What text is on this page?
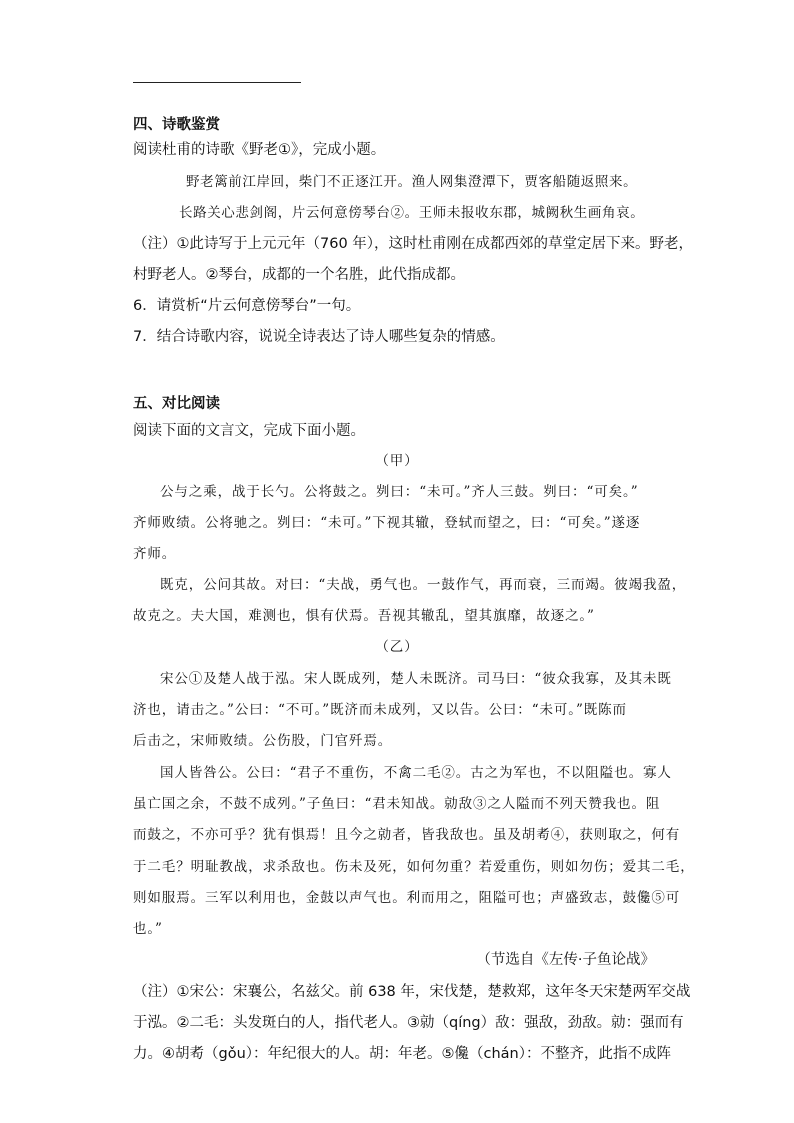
四、诗歌鉴赏
阅读杜甫的诗歌《野老①》，完成小题。
野老篱前江岸回，柴门不正逐江开。渔人网集澄潭下，贾客船随返照来。
长路关心悲剑阁，片云何意傍琴台②。王师未报收东郡，城阙秋生画角哀。
（注）①此诗写于上元元年（760 年），这时杜甫刚在成都西郊的草堂定居下来。野老，
村野老人。②琴台，成都的一个名胜，此代指成都。
6．请赏析“片云何意傍琴台”一句。
7．结合诗歌内容，说说全诗表达了诗人哪些复杂的情感。
五、对比阅读
阅读下面的文言文，完成下面小题。
（甲）
公与之乘，战于长勺。公将鼓之。刿曰：“未可。”齐人三鼓。刿曰：“可矣。”
齐师败绩。公将驰之。刿曰：“未可。”下视其辙，登轼而望之，曰：“可矣。”遂逐
齐师。
既克，公问其故。对曰：“夫战，勇气也。一鼓作气，再而衰，三而竭。彼竭我盈，
故克之。夫大国，难测也，惧有伏焉。吾视其辙乱，望其旗靡，故逐之。”
（乙）
宋公①及楚人战于泓。宋人既成列，楚人未既济。司马曰：“彼众我寡，及其未既
济也，请击之。”公曰：“不可。”既济而未成列，又以告。公曰：“未可。”既陈而
后击之，宋师败绩。公伤股，门官歼焉。
国人皆咎公。公曰：“君子不重伤，不禽二毛②。古之为军也，不以阻隘也。寡人
虽亡国之余，不鼓不成列。”子鱼曰：“君未知战。勍敌③之人隘而不列天赞我也。阻
而鼓之，不亦可乎？犹有惧焉！且今之勍者，皆我敌也。虽及胡耇④，获则取之，何有
于二毛？明耻教战，求杀敌也。伤未及死，如何勿重？若爱重伤，则如勿伤；爱其二毛，
则如服焉。三军以利用也，金鼓以声气也。利而用之，阻隘可也；声盛致志，鼓儳⑤可
也。”
（节选自《左传·子鱼论战》
（注）①宋公：宋襄公，名兹父。前 638 年，宋伐楚，楚救郑，这年冬天宋楚两军交战
于泓。②二毛：头发斑白的人，指代老人。③勍（qíng）敌：强敌，劲敌。勍：强而有
力。④胡耇（gǒu）：年纪很大的人。胡：年老。⑤儳（chán）：不整齐，此指不成阵
